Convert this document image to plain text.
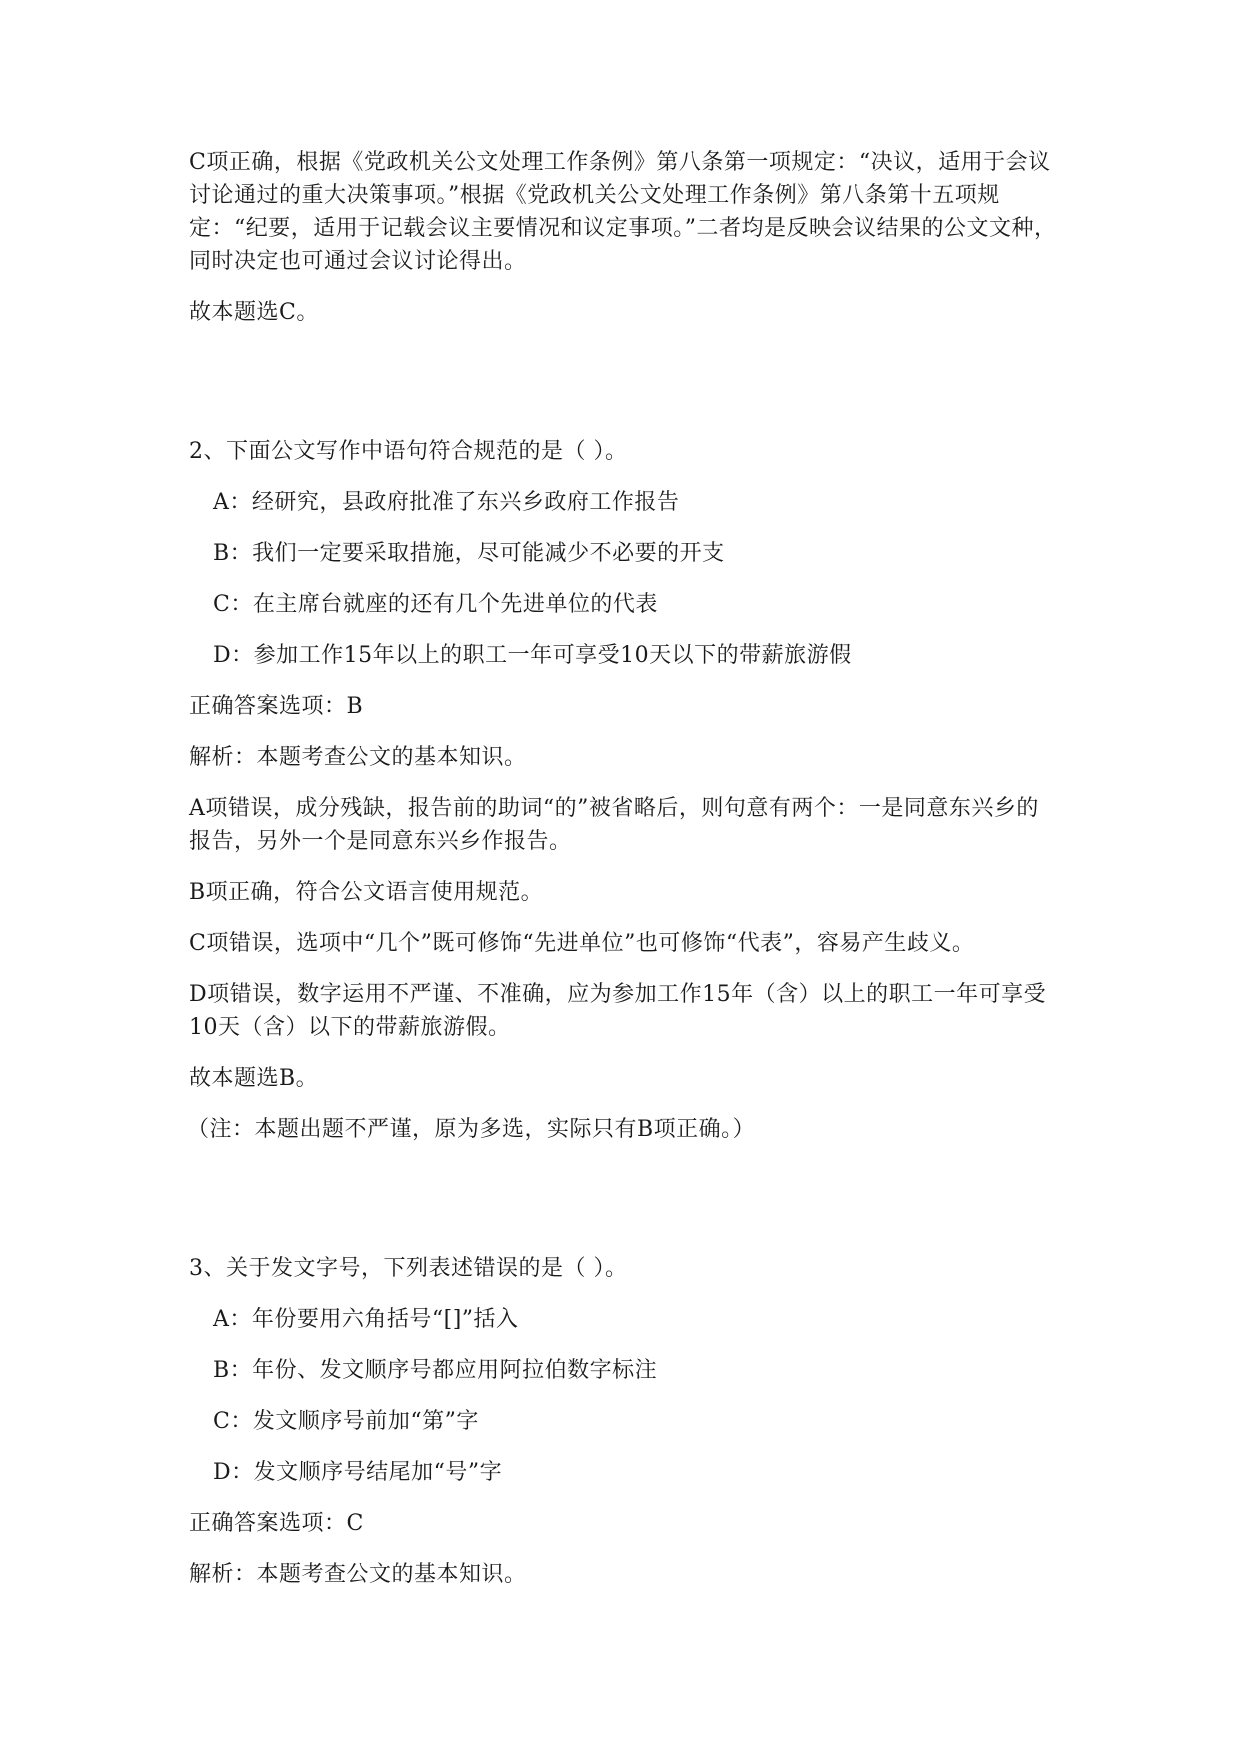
C项正确，根据《党政机关公文处理工作条例》第八条第一项规定：“决议，适用于会议讨论通过的重大决策事项。”根据《党政机关公文处理工作条例》第八条第十五项规定：“纪要，适用于记载会议主要情况和议定事项。”二者均是反映会议结果的公文文种，同时决定也可通过会议讨论得出。

故本题选C。

2、下面公文写作中语句符合规范的是（ ）。

A：经研究，县政府批准了东兴乡政府工作报告

B：我们一定要采取措施，尽可能减少不必要的开支

C：在主席台就座的还有几个先进单位的代表

D：参加工作15年以上的职工一年可享受10天以下的带薪旅游假

正确答案选项：B

解析：本题考查公文的基本知识。

A项错误，成分残缺，报告前的助词“的”被省略后，则句意有两个：一是同意东兴乡的报告，另外一个是同意东兴乡作报告。

B项正确，符合公文语言使用规范。

C项错误，选项中“几个”既可修饰“先进单位”也可修饰“代表”，容易产生歧义。

D项错误，数字运用不严谨、不准确，应为参加工作15年（含）以上的职工一年可享受10天（含）以下的带薪旅游假。

故本题选B。

（注：本题出题不严谨，原为多选，实际只有B项正确。）

3、关于发文字号，下列表述错误的是（ ）。

A：年份要用六角括号“[]”括入

B：年份、发文顺序号都应用阿拉伯数字标注

C：发文顺序号前加“第”字

D：发文顺序号结尾加“号”字

正确答案选项：C

解析：本题考查公文的基本知识。
